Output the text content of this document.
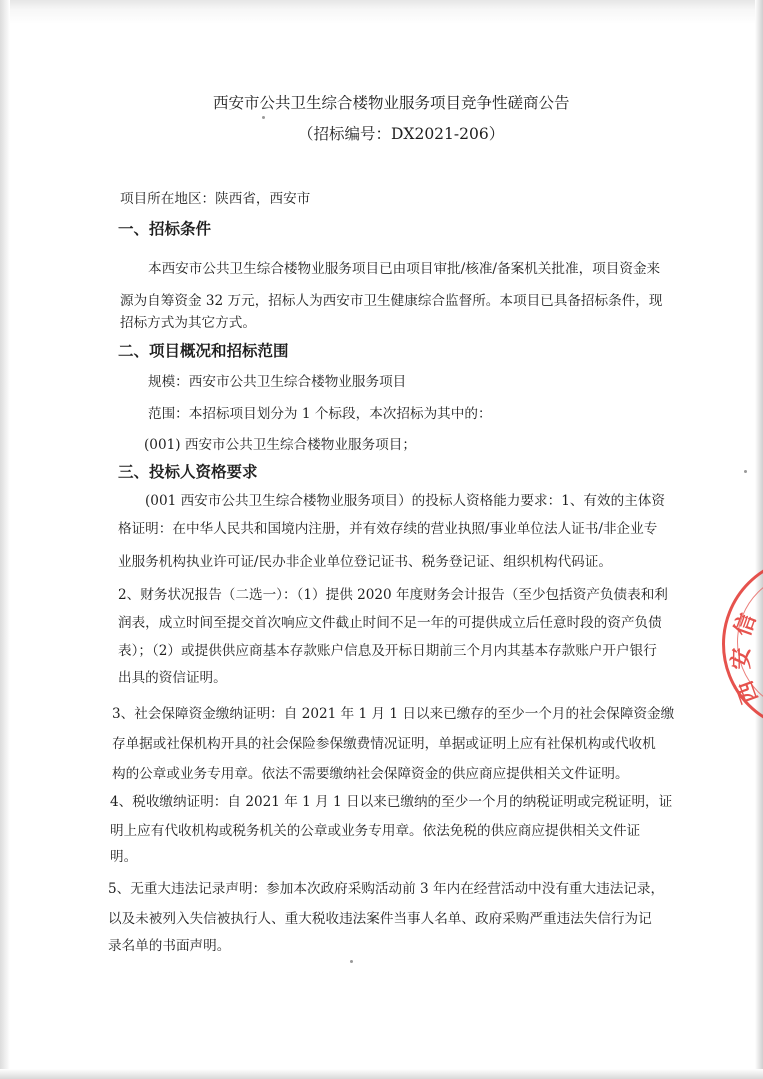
西安市公共卫生综合楼物业服务项目竞争性磋商公告
（招标编号：DX2021-206）
项目所在地区：陕西省，西安市
一、招标条件
本西安市公共卫生综合楼物业服务项目已由项目审批/核准/备案机关批准，项目资金来
源为自筹资金 32 万元，招标人为西安市卫生健康综合监督所。本项目已具备招标条件，现
招标方式为其它方式。
二、项目概况和招标范围
规模：西安市公共卫生综合楼物业服务项目
范围：本招标项目划分为 1 个标段，本次招标为其中的：
(001) 西安市公共卫生综合楼物业服务项目；
三、投标人资格要求
(001 西安市公共卫生综合楼物业服务项目）的投标人资格能力要求：1、有效的主体资
格证明：在中华人民共和国境内注册，并有效存续的营业执照/事业单位法人证书/非企业专
业服务机构执业许可证/民办非企业单位登记证书、税务登记证、组织机构代码证。
2、财务状况报告（二选一）：（1）提供 2020 年度财务会计报告（至少包括资产负债表和利
润表，成立时间至提交首次响应文件截止时间不足一年的可提供成立后任意时段的资产负债
表）；（2）或提供供应商基本存款账户信息及开标日期前三个月内其基本存款账户开户银行
出具的资信证明。
3、社会保障资金缴纳证明：自 2021 年 1 月 1 日以来已缴存的至少一个月的社会保障资金缴
存单据或社保机构开具的社会保险参保缴费情况证明，单据或证明上应有社保机构或代收机
构的公章或业务专用章。依法不需要缴纳社会保障资金的供应商应提供相关文件证明。
4、税收缴纳证明：自 2021 年 1 月 1 日以来已缴纳的至少一个月的纳税证明或完税证明，证
明上应有代收机构或税务机关的公章或业务专用章。依法免税的供应商应提供相关文件证
明。
5、无重大违法记录声明：参加本次政府采购活动前 3 年内在经营活动中没有重大违法记录，
以及未被列入失信被执行人、重大税收违法案件当事人名单、政府采购严重违法失信行为记
录名单的书面声明。
信
安
西
